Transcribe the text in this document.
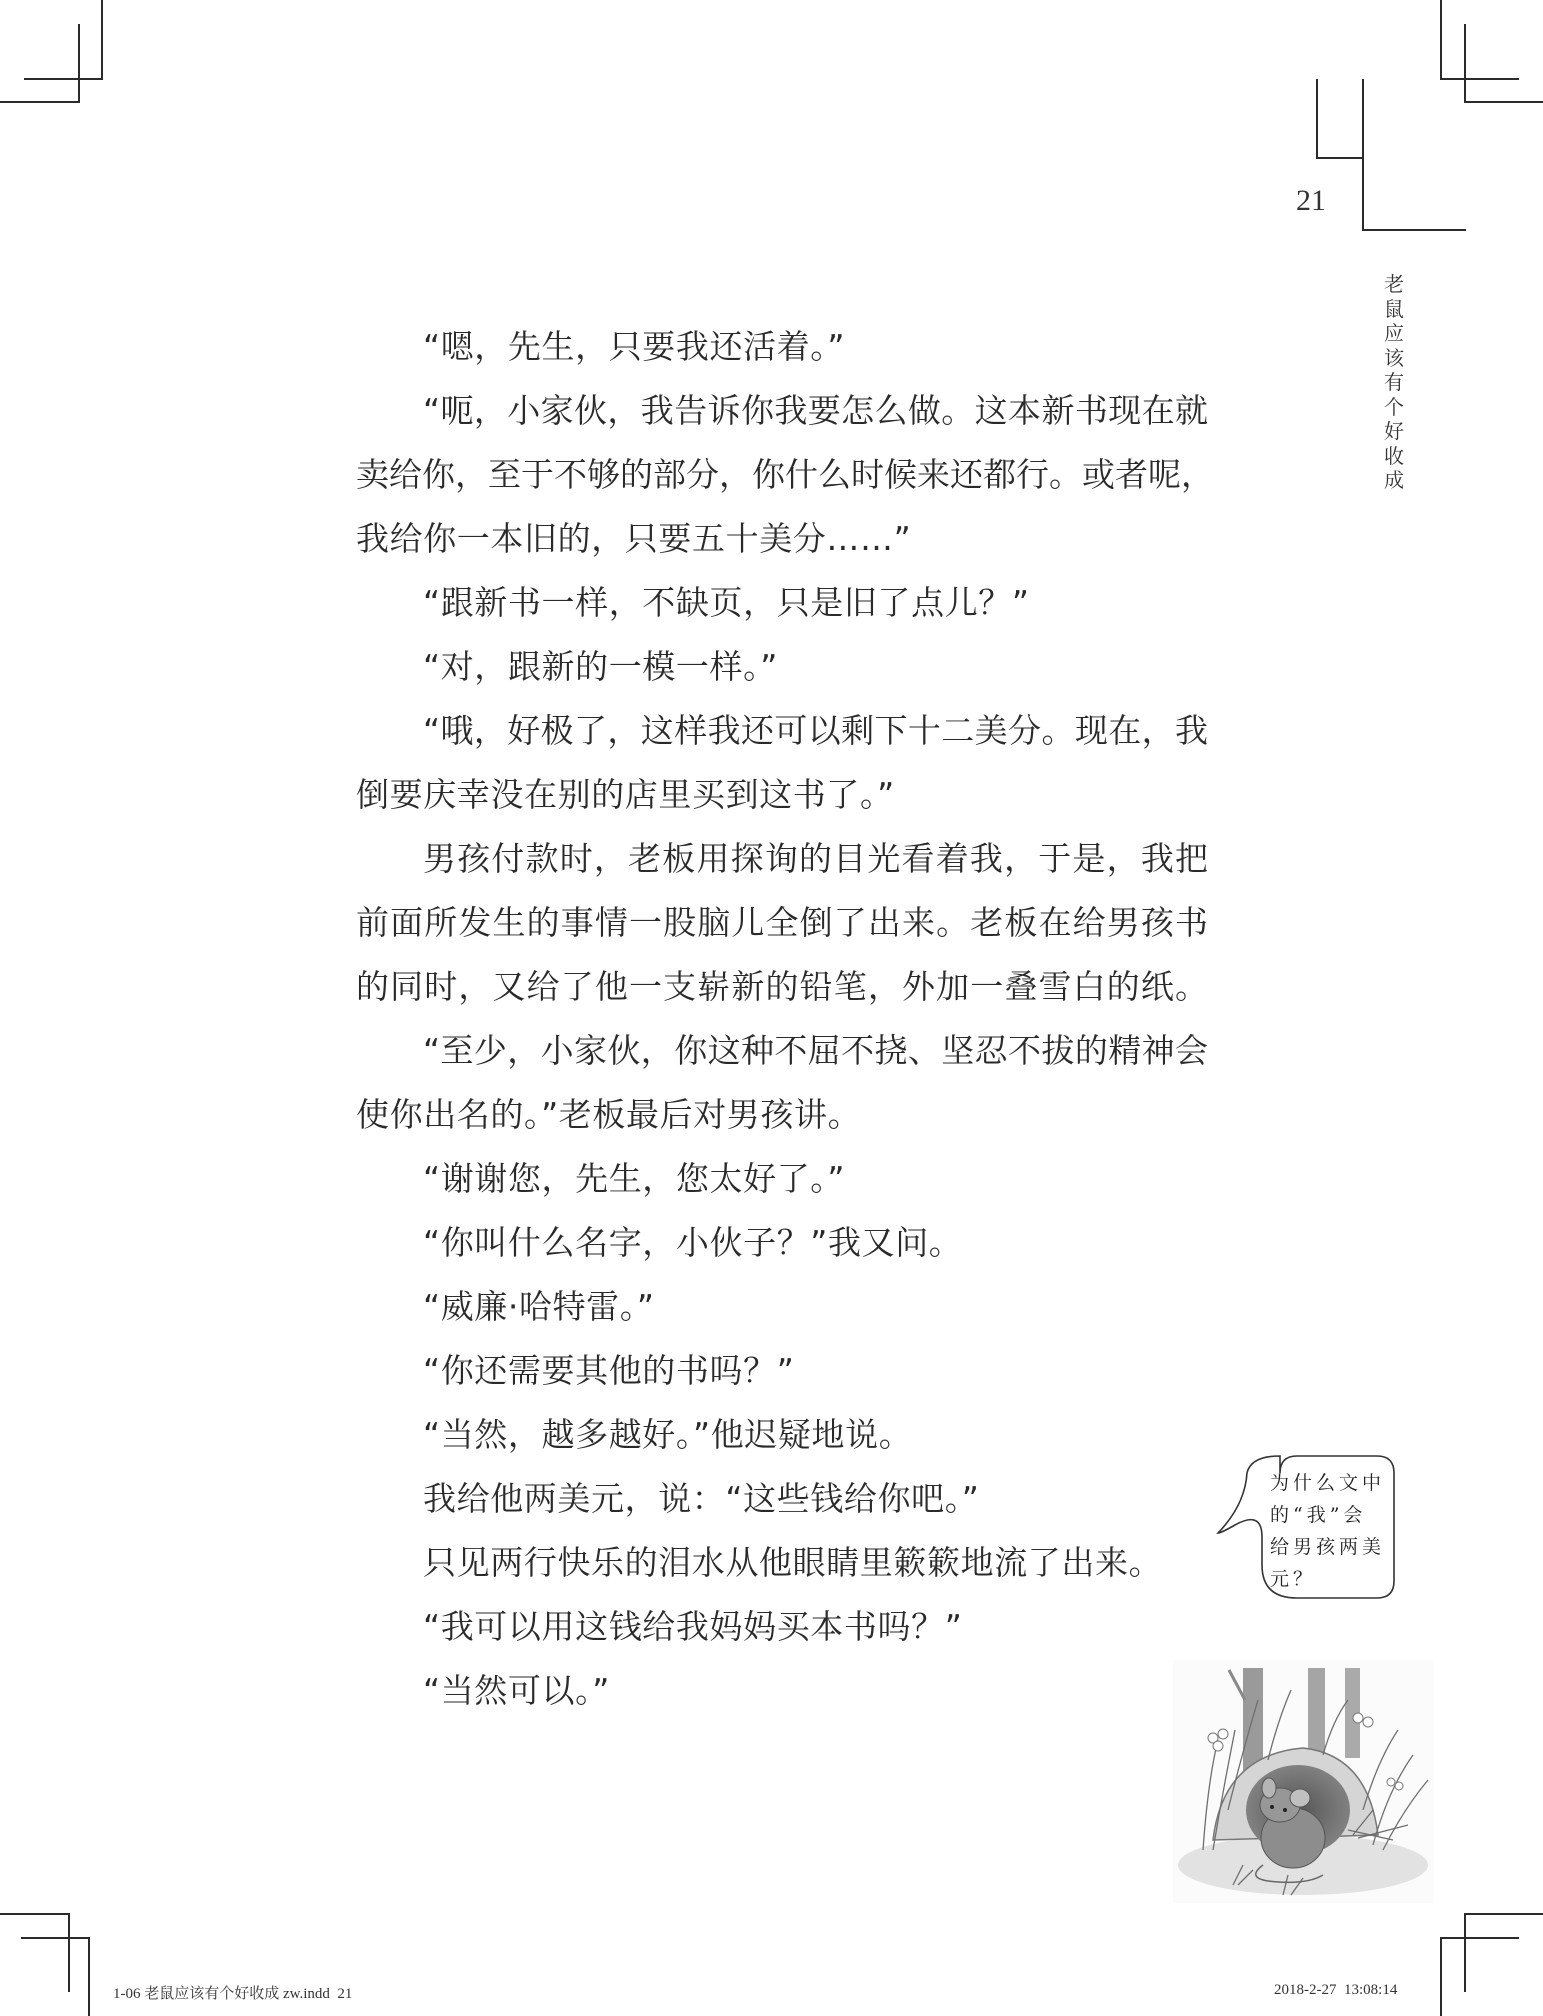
21
老鼠应该有个好收成
“嗯，先生，只要我还活着。”
“呃，小家伙，我告诉你我要怎么做。这本新书现在就
卖给你，至于不够的部分，你什么时候来还都行。或者呢，
我给你一本旧的，只要五十美分……”
“跟新书一样，不缺页，只是旧了点儿？”
“对，跟新的一模一样。”
“哦，好极了，这样我还可以剩下十二美分。现在，我
倒要庆幸没在别的店里买到这书了。”
男孩付款时，老板用探询的目光看着我，于是，我把
前面所发生的事情一股脑儿全倒了出来。老板在给男孩书
的同时，又给了他一支崭新的铅笔，外加一叠雪白的纸。
“至少，小家伙，你这种不屈不挠、坚忍不拔的精神会
使你出名的。”老板最后对男孩讲。
“谢谢您，先生，您太好了。”
“你叫什么名字，小伙子？”我又问。
“威廉·哈特雷。”
“你还需要其他的书吗？”
“当然，越多越好。”他迟疑地说。
我给他两美元，说：“这些钱给你吧。”
只见两行快乐的泪水从他眼睛里簌簌地流了出来。
“我可以用这钱给我妈妈买本书吗？”
“当然可以。”
为什么文中的“我”会给男孩两美元？
1-06 老鼠应该有个好收成 zw.indd  21	2018-2-27  13:08:14
